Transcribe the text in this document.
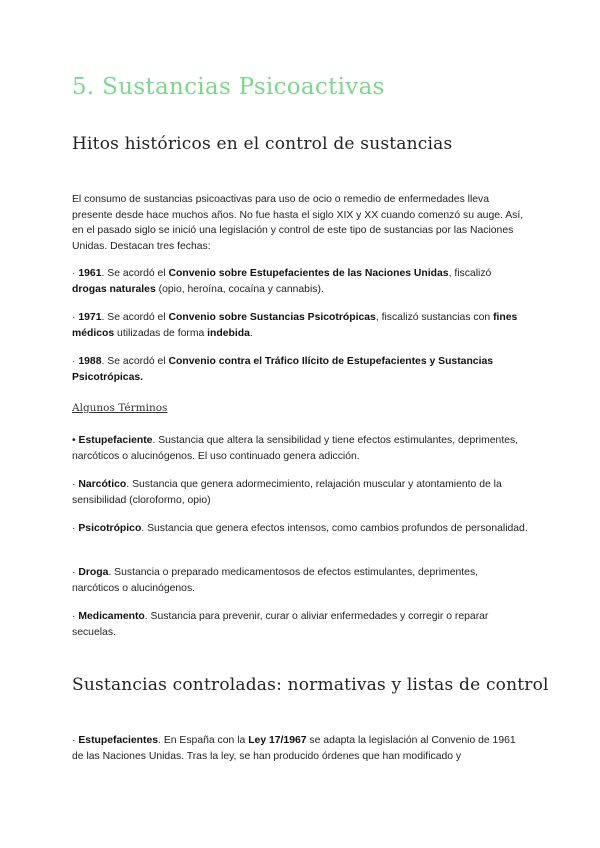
5. Sustancias Psicoactivas
Hitos históricos en el control de sustancias

El consumo de sustancias psicoactivas para uso de ocio o remedio de enfermedades lleva presente desde hace muchos años. No fue hasta el siglo XIX y XX cuando comenzó su auge. Así, en el pasado siglo se inició una legislación y control de este tipo de sustancias por las Naciones Unidas. Destacan tres fechas:

· 1961. Se acordó el Convenio sobre Estupefacientes de las Naciones Unidas, fiscalizó drogas naturales (opio, heroína, cocaína y cannabis).

· 1971. Se acordó el Convenio sobre Sustancias Psicotrópicas, fiscalizó sustancias con fines médicos utilizadas de forma indebida.

· 1988. Se acordó el Convenio contra el Tráfico Ilícito de Estupefacientes y Sustancias Psicotrópicas.

Algunos Términos

• Estupefaciente. Sustancia que altera la sensibilidad y tiene efectos estimulantes, deprimentes, narcóticos o alucinógenos. El uso continuado genera adicción.

· Narcótico. Sustancia que genera adormecimiento, relajación muscular y atontamiento de la sensibilidad (cloroformo, opio)

· Psicotrópico. Sustancia que genera efectos intensos, como cambios profundos de personalidad.

· Droga. Sustancia o preparado medicamentosos de efectos estimulantes, deprimentes, narcóticos o alucinógenos.

· Medicamento. Sustancia para prevenir, curar o aliviar enfermedades y corregir o reparar secuelas.

Sustancias controladas: normativas y listas de control

· Estupefacientes. En España con la Ley 17/1967 se adapta la legislación al Convenio de 1961 de las Naciones Unidas. Tras la ley, se han producido órdenes que han modificado y
